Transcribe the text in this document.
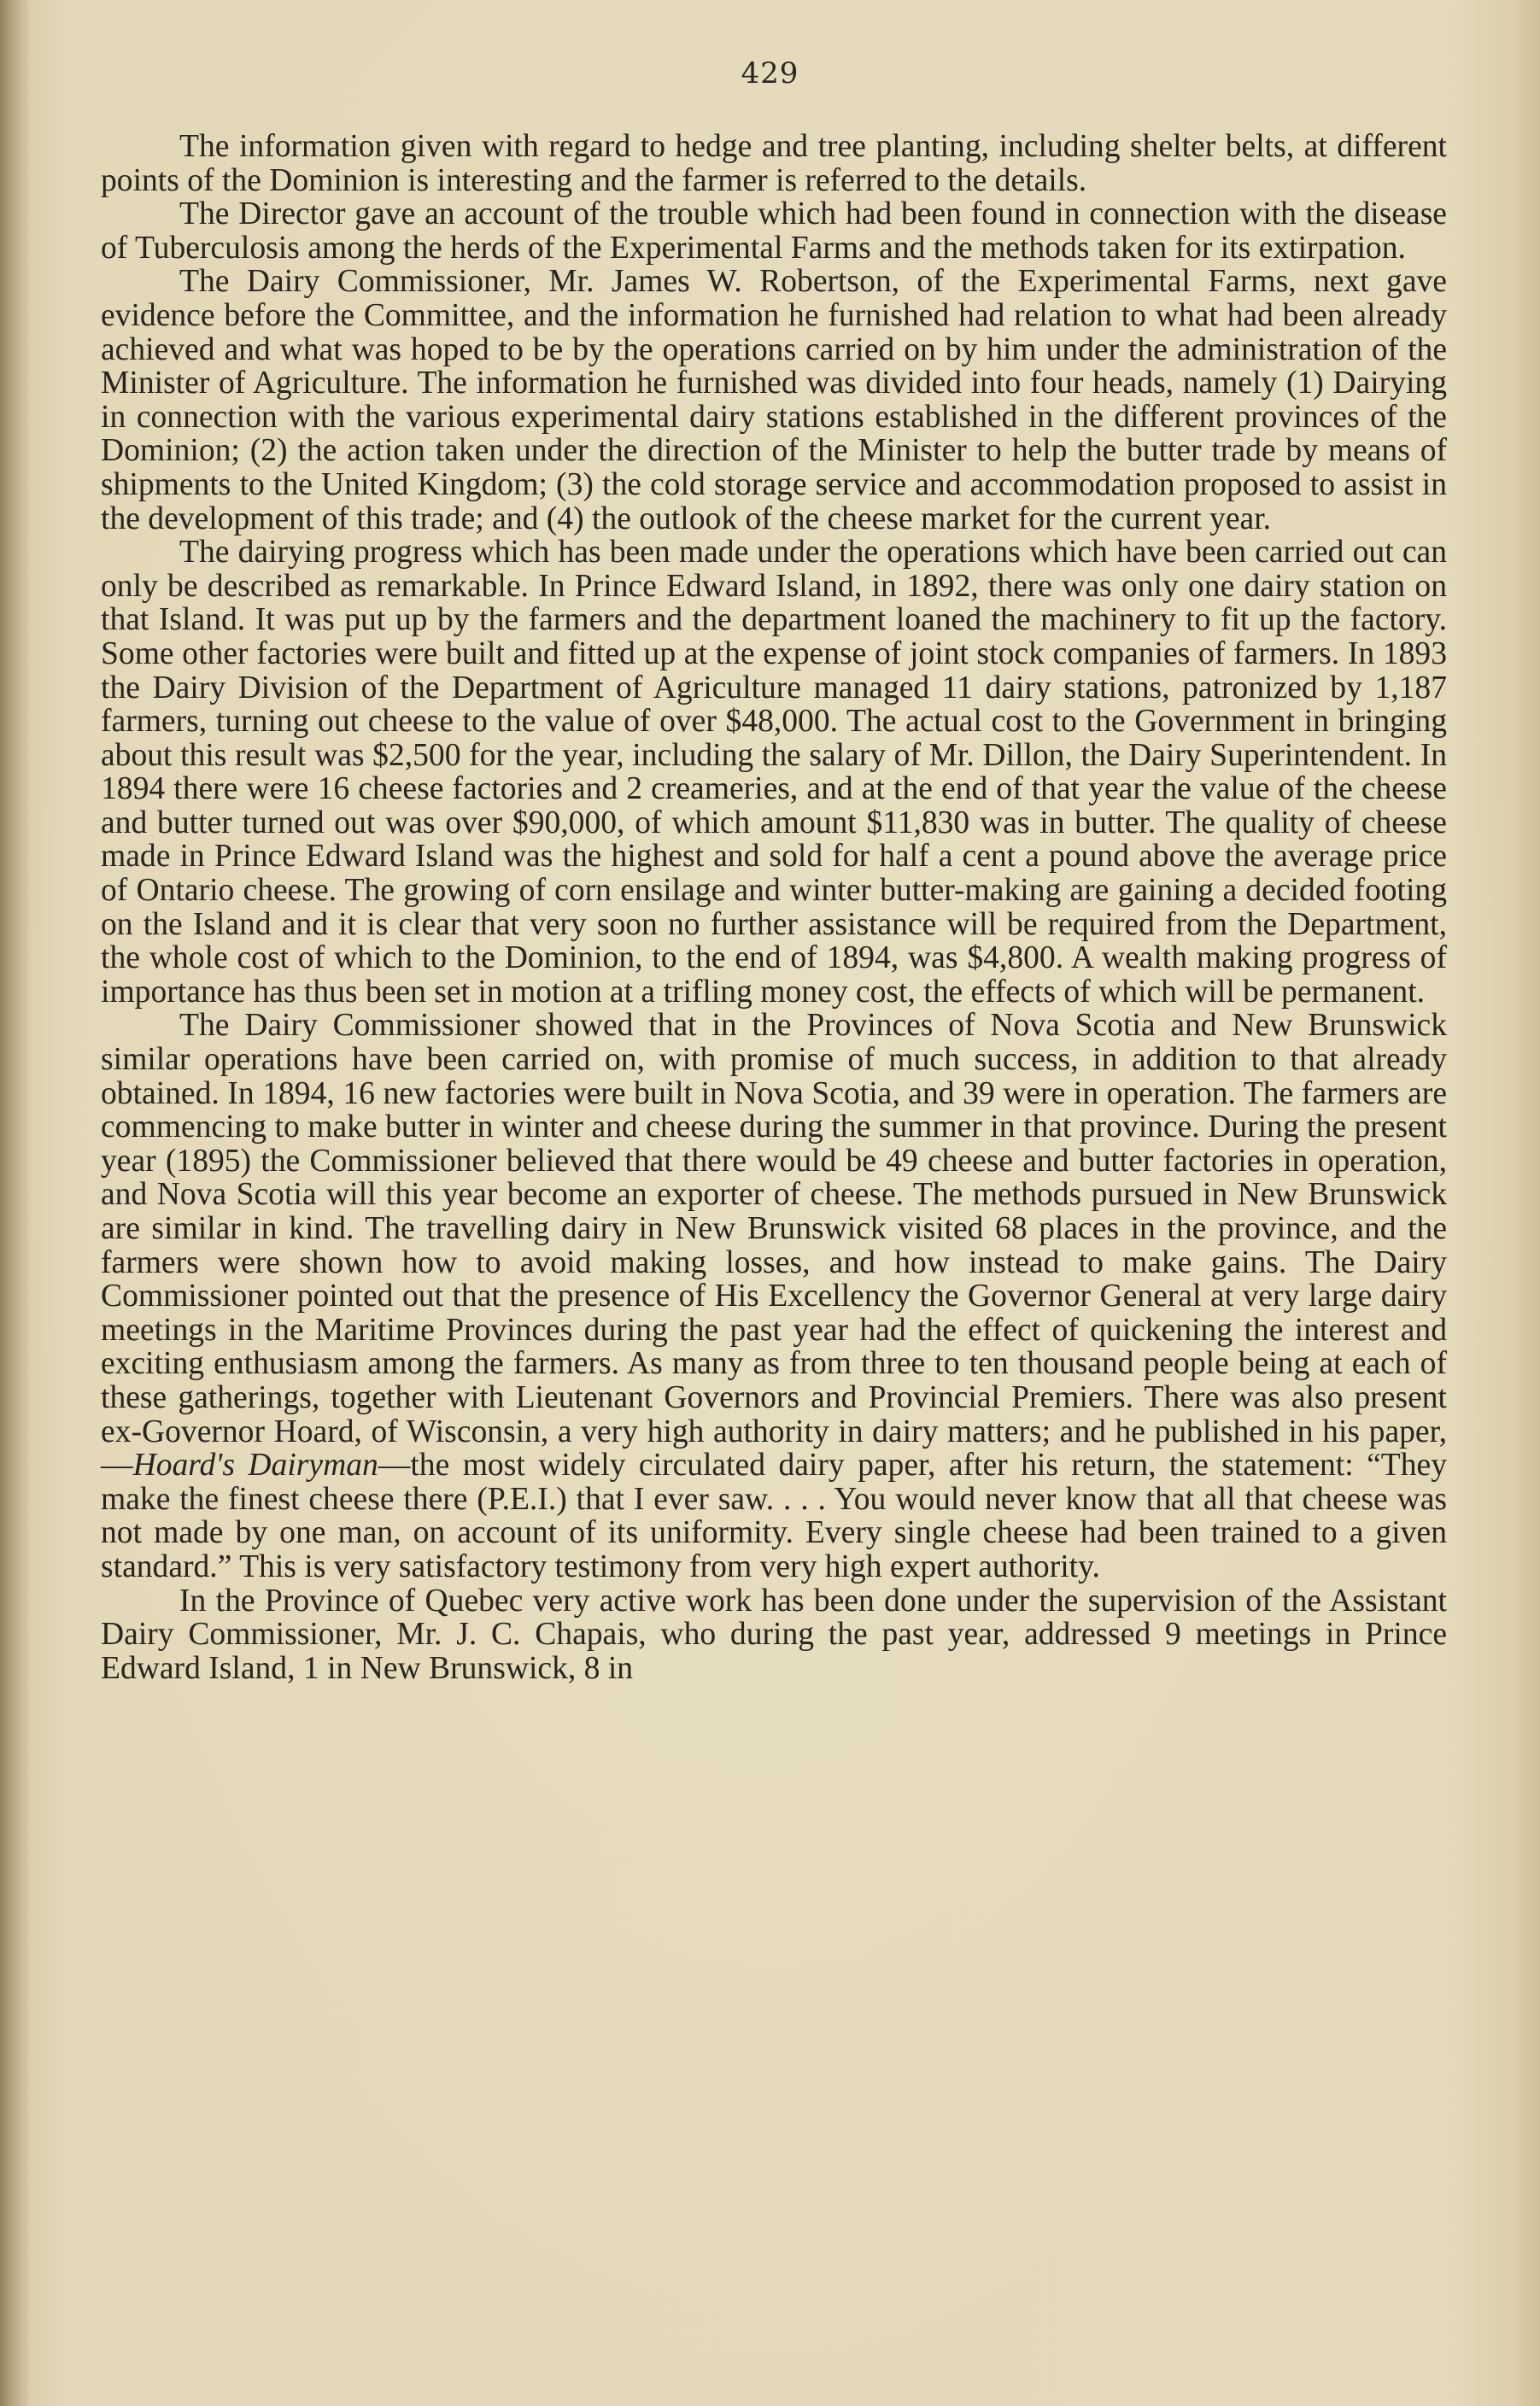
429

The information given with regard to hedge and tree planting, including shelter belts, at different points of the Dominion is interesting and the farmer is referred to the details.

The Director gave an account of the trouble which had been found in connection with the disease of Tuberculosis among the herds of the Experimental Farms and the methods taken for its extirpation.

The Dairy Commissioner, Mr. James W. Robertson, of the Experimental Farms, next gave evidence before the Committee, and the information he furnished had relation to what had been already achieved and what was hoped to be by the operations carried on by him under the administration of the Minister of Agriculture. The information he furnished was divided into four heads, namely (1) Dairying in connection with the various experimental dairy stations established in the different provinces of the Dominion; (2) the action taken under the direction of the Minister to help the butter trade by means of shipments to the United Kingdom; (3) the cold storage service and accommodation proposed to assist in the development of this trade; and (4) the outlook of the cheese market for the current year.

The dairying progress which has been made under the operations which have been carried out can only be described as remarkable. In Prince Edward Island, in 1892, there was only one dairy station on that Island. It was put up by the farmers and the department loaned the machinery to fit up the factory. Some other factories were built and fitted up at the expense of joint stock companies of farmers. In 1893 the Dairy Division of the Department of Agriculture managed 11 dairy stations, patronized by 1,187 farmers, turning out cheese to the value of over $48,000. The actual cost to the Government in bringing about this result was $2,500 for the year, including the salary of Mr. Dillon, the Dairy Superintendent. In 1894 there were 16 cheese factories and 2 creameries, and at the end of that year the value of the cheese and butter turned out was over $90,000, of which amount $11,830 was in butter. The quality of cheese made in Prince Edward Island was the highest and sold for half a cent a pound above the average price of Ontario cheese. The growing of corn ensilage and winter butter-making are gaining a decided footing on the Island and it is clear that very soon no further assistance will be required from the Department, the whole cost of which to the Dominion, to the end of 1894, was $4,800. A wealth making progress of importance has thus been set in motion at a trifling money cost, the effects of which will be permanent.

The Dairy Commissioner showed that in the Provinces of Nova Scotia and New Brunswick similar operations have been carried on, with promise of much success, in addition to that already obtained. In 1894, 16 new factories were built in Nova Scotia, and 39 were in operation. The farmers are commencing to make butter in winter and cheese during the summer in that province. During the present year (1895) the Commissioner believed that there would be 49 cheese and butter factories in operation, and Nova Scotia will this year become an exporter of cheese. The methods pursued in New Brunswick are similar in kind. The travelling dairy in New Brunswick visited 68 places in the province, and the farmers were shown how to avoid making losses, and how instead to make gains. The Dairy Commissioner pointed out that the presence of His Excellency the Governor General at very large dairy meetings in the Maritime Provinces during the past year had the effect of quickening the interest and exciting enthusiasm among the farmers. As many as from three to ten thousand people being at each of these gatherings, together with Lieutenant Governors and Provincial Premiers. There was also present ex-Governor Hoard, of Wisconsin, a very high authority in dairy matters; and he published in his paper,—Hoard's Dairyman—the most widely circulated dairy paper, after his return, the statement: “They make the finest cheese there (P.E.I.) that I ever saw. . . . You would never know that all that cheese was not made by one man, on account of its uniformity. Every single cheese had been trained to a given standard.” This is very satisfactory testimony from very high expert authority.

In the Province of Quebec very active work has been done under the supervision of the Assistant Dairy Commissioner, Mr. J. C. Chapais, who during the past year, addressed 9 meetings in Prince Edward Island, 1 in New Brunswick, 8 in
